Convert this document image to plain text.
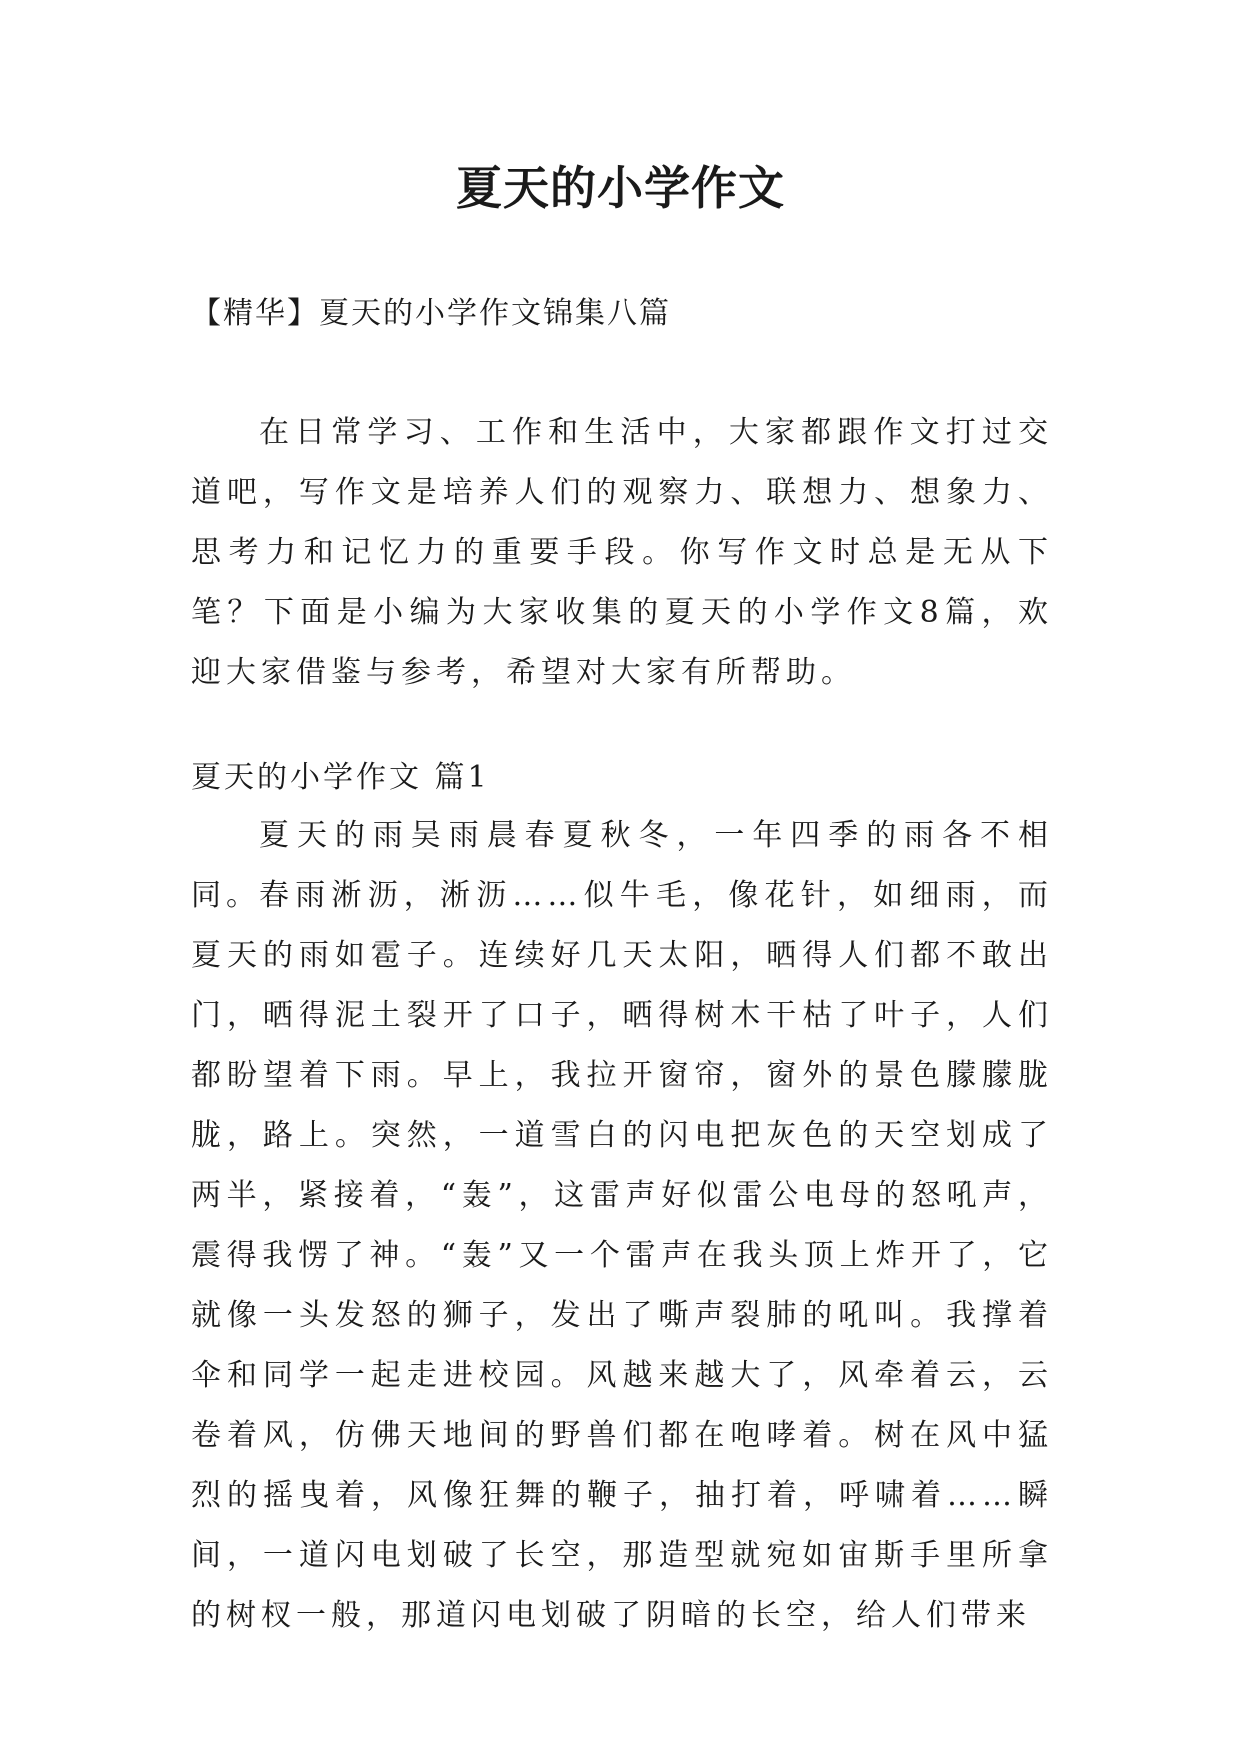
夏天的小学作文

【精华】夏天的小学作文锦集八篇

在日常学习、工作和生活中，大家都跟作文打过交道吧，写作文是培养人们的观察力、联想力、想象力、思考力和记忆力的重要手段。你写作文时总是无从下笔？下面是小编为大家收集的夏天的小学作文8篇，欢迎大家借鉴与参考，希望对大家有所帮助。

夏天的小学作文 篇1

夏天的雨吴雨晨春夏秋冬，一年四季的雨各不相同。

春雨淅沥，淅沥……似牛毛，像花针，如细雨，而夏天的雨如雹子。连续好几天太阳，晒得人们都不敢出门，晒得泥土裂开了口子，晒得树木干枯了叶子，人们都盼望着下雨。早上，我拉开窗帘，窗外的景色朦朦胧胧，路上。突然，一道雪白的闪电把灰色的天空划成了两半，紧接着，“轰”，这雷声好似雷公电母的怒吼声，震得我愣了神。“轰”又一个雷声在我头顶上炸开了，它就像一头发怒的狮子，发出了嘶声裂肺的吼叫。我撑着伞和同学一起走进校园。风越来越大了，风牵着云，云卷着风，仿佛天地间的野兽们都在咆哮着。树在风中猛烈的摇曳着，风像狂舞的鞭子，抽打着，呼啸着……瞬间，一道闪电划破了长空，那造型就宛如宙斯手里所拿的树杈一般，那道闪电划破了阴暗的长空，给人们带来
